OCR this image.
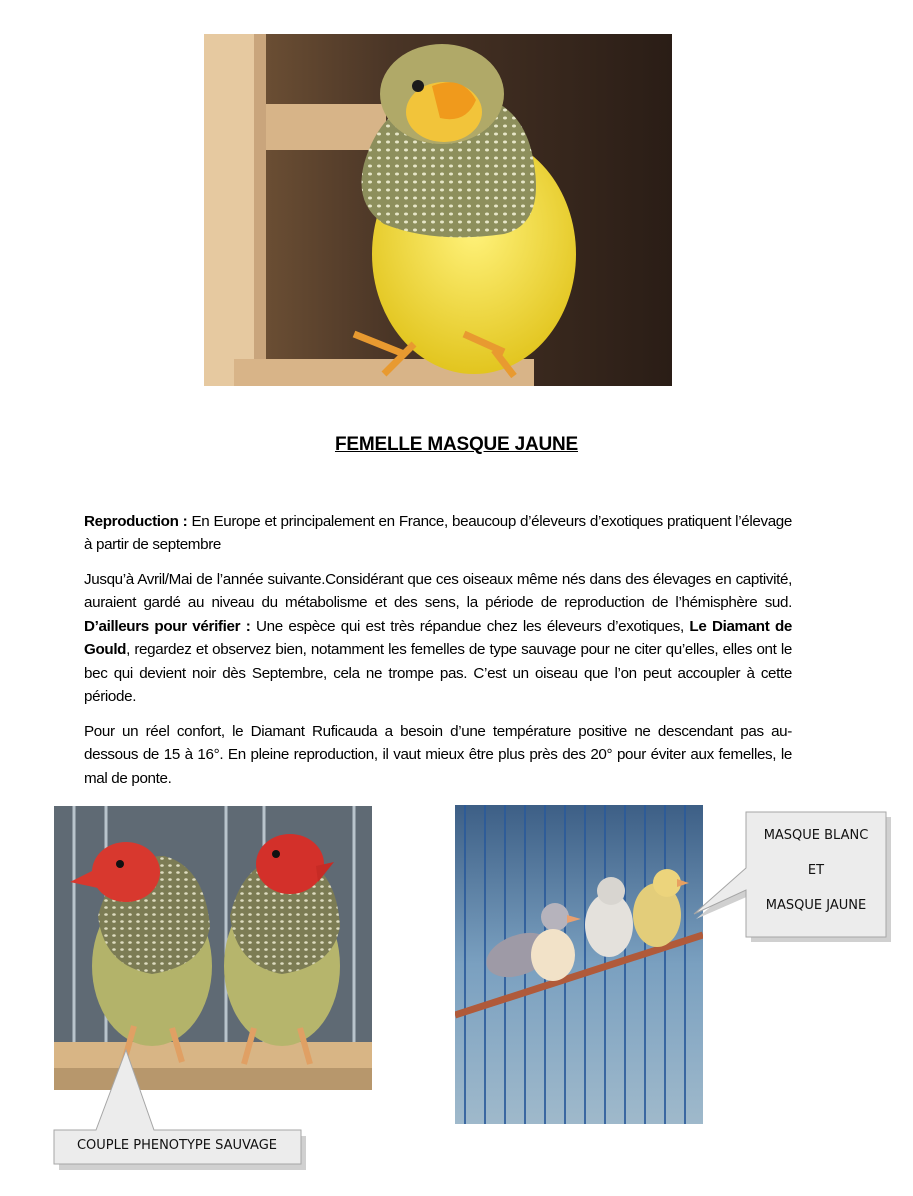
FEMELLE MASQUE JAUNE

Reproduction : En Europe et principalement en France, beaucoup d’éleveurs d’exotiques pratiquent l’élevage à partir de septembre

Jusqu’à Avril/Mai de l’année suivante.Considérant que ces oiseaux même nés dans des élevages en captivité, auraient gardé au niveau du métabolisme et des sens, la période de reproduction de l’hémisphère sud. D’ailleurs pour vérifier : Une espèce qui est très répandue chez les éleveurs d’exotiques, Le Diamant de Gould, regardez et observez bien, notamment les femelles de type sauvage pour ne citer qu’elles, elles ont le bec qui devient noir dès Septembre, cela ne trompe pas. C’est un oiseau que l’on peut accoupler à cette période.

Pour un réel confort, le Diamant Ruficauda a besoin d’une température positive ne descendant pas au-dessous de 15 à 16°. En pleine reproduction, il vaut mieux être plus près des 20° pour éviter aux femelles, le mal de ponte.

MASQUE BLANC
ET
MASQUE JAUNE
COUPLE PHENOTYPE SAUVAGE
